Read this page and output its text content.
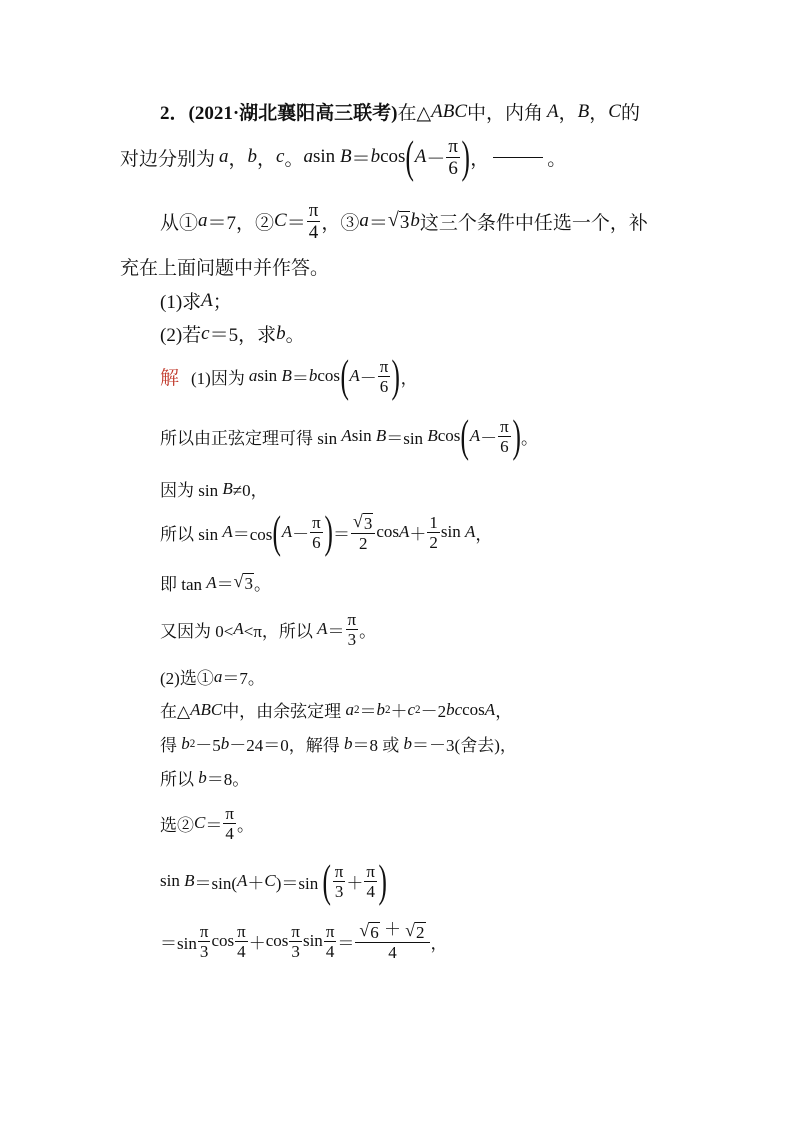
2． (2021·湖北襄阳高三联考) 在△ ABC 中，内角 A ， B ， C 的
对边分别为 a ， b ， c 。 a sin
B ＝ b cos ( $A - \frac{\pi}{6}$ ) ，	。
从① a ＝7，② $C = \frac{\pi}{4}$ ，③ a ＝ √ 3 b 这三个条件中任选一个，补
充在上面问题中并作答。
(1)求 A ；
(2)若 c ＝5，求 b 。
解 (1)因为 a sin
B ＝ b cos ( $A - \frac{\pi}{6}$ ) ，
所以由正弦定理可得 sin
A sin
B ＝sin
B cos ( $A - \frac{\pi}{6}$ ) 。
因为 sin
B ≠0，
所以 sin
A ＝cos ( $A - \frac{\pi}{6}$ ) ＝ $\frac{√ 3}{2}$ $\cos A + \frac{1}{2}$ sin
A ，
即 tan
A ＝ √ 3 。
又因为 0< A <π，所以
$A = \frac{\pi}{3}$ 。
(2)选① a ＝7。
在△ ABC 中，由余弦定理
a 2 ＝ b 2 ＋ c 2 －2 bc cos A ，
得
b 2 －5 b －24＝0，解得
b ＝8 或
b ＝－3(舍去)，
所以
b ＝8。
选② $C = \frac{\pi}{4}$ 。
sin
B ＝sin( A ＋ C )＝sin
( $\frac{\pi}{3} + \frac{\pi}{4}$ )
$=\sin \frac{\pi}{3}$ $\cos \frac{\pi}{4} + \cos \frac{\pi}{3}$ $\sin \frac{\pi}{4} = \frac{√ 6 + √ 2}{4}$ ，
